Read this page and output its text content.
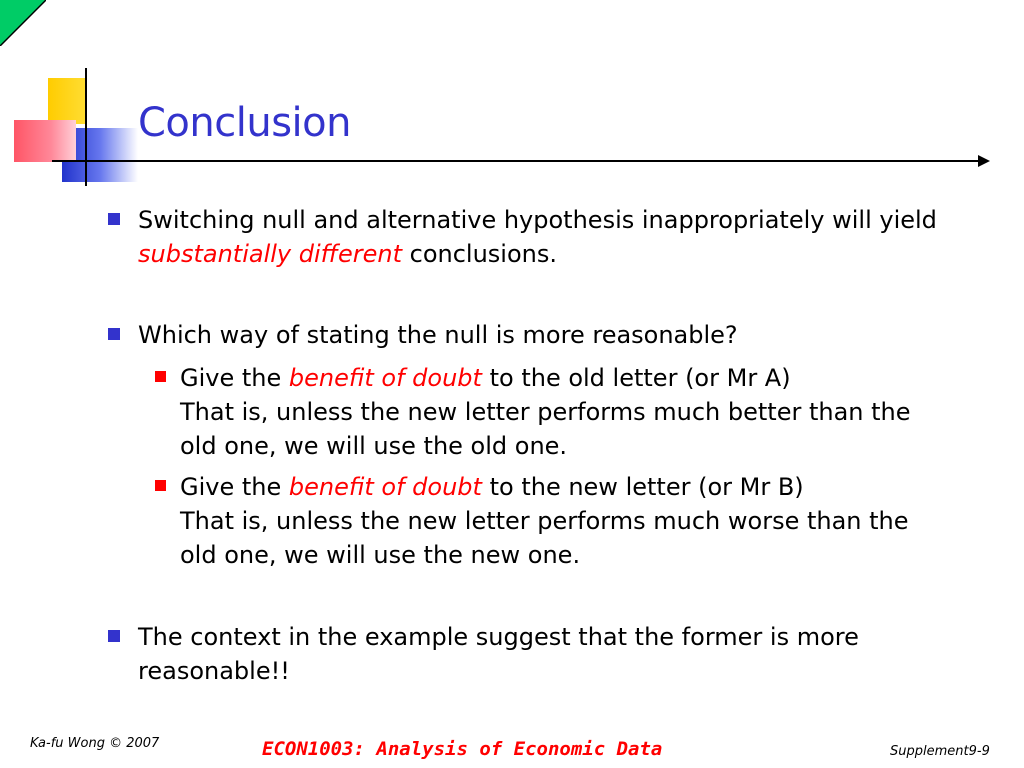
Conclusion
Switching null and alternative hypothesis inappropriately will yield
substantially different conclusions.
Which way of stating the null is more reasonable?
Give the benefit of doubt to the old letter (or Mr A)
That is, unless the new letter performs much better than the
old one, we will use the old one.
Give the benefit of doubt to the new letter (or Mr B)
That is, unless the new letter performs much worse than the
old one, we will use the new one.
The context in the example suggest that the former is more
reasonable!!
Ka-fu Wong © 2007	ECON1003: Analysis of Economic Data	Supplement9-9
